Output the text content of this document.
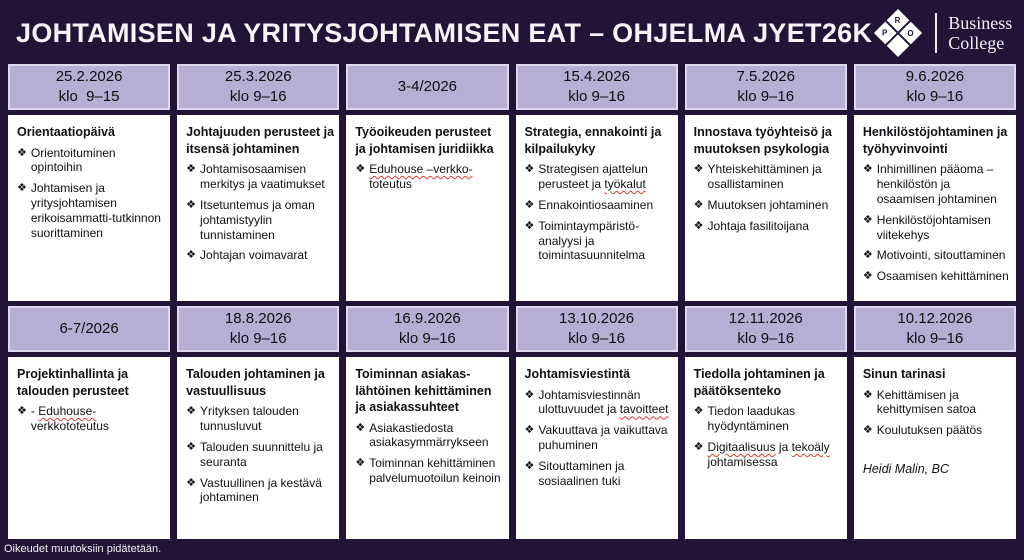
JOHTAMISEN JA YRITYSJOHTAMISEN EAT – OHJELMA JYET26K	R
O
P
Business
College
25.2.2026
klo  9–15
25.3.2026
klo 9–16
3-4/2026
15.4.2026
klo 9–16
7.5.2026
klo 9–16
9.6.2026
klo 9–16
Orientaatiopäivä
❖ Orientoituminen opintoihin
❖ Johtamisen ja yritysjohtamisen erikoisammatti-tutkinnon suorittaminen
Johtajuuden perusteet ja itsensä johtaminen
❖ Johtamisosaamisen merkitys ja vaatimukset
❖ Itsetuntemus ja oman johtamistyylin tunnistaminen
❖ Johtajan voimavarat
Työoikeuden perusteet ja johtamisen juridiikka
❖ Eduhouse –verkko-toteutus
Strategia, ennakointi ja kilpailukyky
❖ Strategisen ajattelun perusteet ja työkalut
❖ Ennakointiosaaminen
❖ Toimintaympäristö-analyysi ja toimintasuunnitelma
Innostava työyhteisö ja muutoksen psykologia
❖ Yhteiskehittäminen ja osallistaminen
❖ Muutoksen johtaminen
❖ Johtaja fasilitoijana
Henkilöstöjohtaminen ja työhyvinvointi
❖ Inhimillinen pääoma – henkilöstön ja osaamisen johtaminen
❖ Henkilöstöjohtamisen viitekehys
❖ Motivointi, sitouttaminen
❖ Osaamisen kehittäminen
6-7/2026
18.8.2026
klo 9–16
16.9.2026
klo 9–16
13.10.2026
klo 9–16
12.11.2026
klo 9–16
10.12.2026
klo 9–16
Projektinhallinta ja talouden perusteet
❖ - Eduhouse-verkkototeutus
Talouden johtaminen ja vastuullisuus
❖ Yrityksen talouden tunnusluvut
❖ Talouden suunnittelu ja seuranta
❖ Vastuullinen ja kestävä johtaminen
Toiminnan asiakas-lähtöinen kehittäminen ja asiakassuhteet
❖ Asiakastiedosta asiakasymmärrykseen
❖ Toiminnan kehittäminen palvelumuotoilun keinoin
Johtamisviestintä
❖ Johtamisviestinnän ulottuvuudet ja tavoitteet
❖ Vakuuttava ja vaikuttava puhuminen
❖ Sitouttaminen ja sosiaalinen tuki
Tiedolla johtaminen ja päätöksenteko
❖ Tiedon laadukas hyödyntäminen
❖ Digitaalisuus ja tekoäly johtamisessa
Sinun tarinasi
❖ Kehittämisen ja kehittymisen satoa
❖ Koulutuksen päätös
Heidi Malin, BC
Oikeudet muutoksiin pidätetään.
